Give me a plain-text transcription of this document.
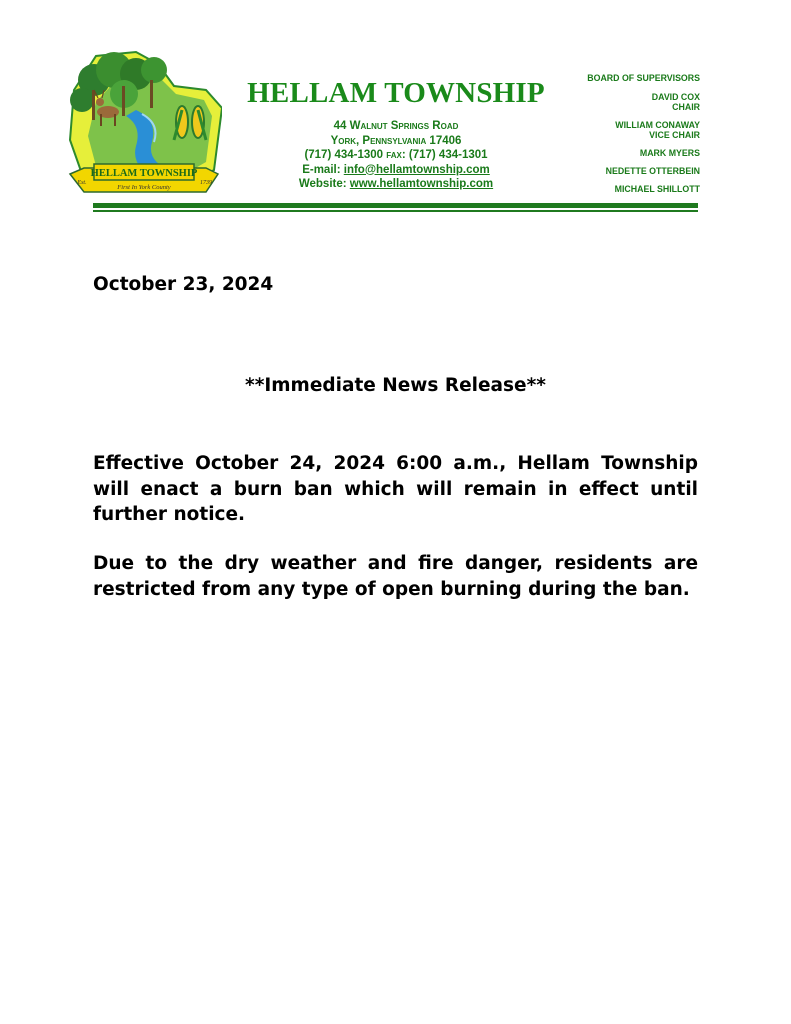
HELLAM TOWNSHIP
First In York County
Est.	1739
HELLAM TOWNSHIP
44 Walnut Springs Road
York, Pennsylvania 17406
(717) 434-1300 fax: (717) 434-1301
E-mail: info@hellamtownship.com
Website: www.hellamtownship.com
BOARD OF SUPERVISORS
DAVID COX
CHAIR
WILLIAM CONAWAY
VICE CHAIR
MARK MYERS
NEDETTE OTTERBEIN
MICHAEL SHILLOTT
October 23, 2024
**Immediate News Release**
Effective October 24, 2024 6:00 a.m., Hellam Township will enact a burn ban which will remain in effect until further notice.
Due to the dry weather and fire danger, residents are restricted from any type of open burning during the ban.
